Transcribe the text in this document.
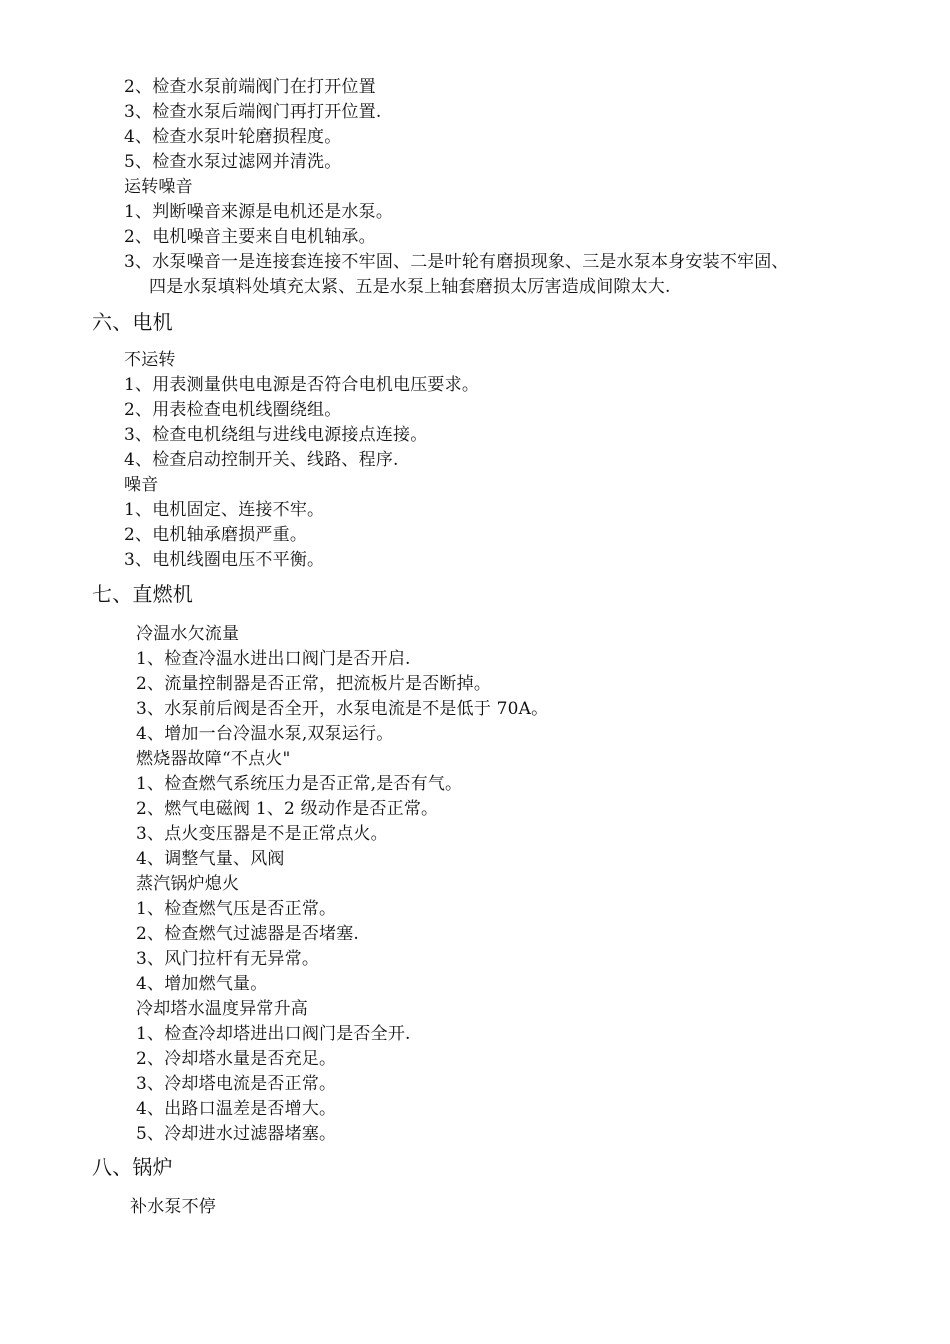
2、检查水泵前端阀门在打开位置
3、检查水泵后端阀门再打开位置.
4、检查水泵叶轮磨损程度。
5、检查水泵过滤网并清洗。
运转噪音
1、判断噪音来源是电机还是水泵。
2、电机噪音主要来自电机轴承。
3、水泵噪音一是连接套连接不牢固、二是叶轮有磨损现象、三是水泵本身安装不牢固、
四是水泵填料处填充太紧、五是水泵上轴套磨损太厉害造成间隙太大.
六、电机
不运转
1、用表测量供电电源是否符合电机电压要求。
2、用表检查电机线圈绕组。
3、检查电机绕组与进线电源接点连接。
4、检查启动控制开关、线路、程序.
噪音
1、电机固定、连接不牢。
2、电机轴承磨损严重。
3、电机线圈电压不平衡。
七、直燃机
冷温水欠流量
1、检查冷温水进出口阀门是否开启.
2、流量控制器是否正常，把流板片是否断掉。
3、水泵前后阀是否全开，水泵电流是不是低于 70A。
4、增加一台冷温水泵,双泵运行。
燃烧器故障“不点火"
1、检查燃气系统压力是否正常,是否有气。
2、燃气电磁阀 1、2 级动作是否正常。
3、点火变压器是不是正常点火。
4、调整气量、风阀
蒸汽锅炉熄火
1、检查燃气压是否正常。
2、检查燃气过滤器是否堵塞.
3、风门拉杆有无异常。
4、增加燃气量。
冷却塔水温度异常升高
1、检查冷却塔进出口阀门是否全开.
2、冷却塔水量是否充足。
3、冷却塔电流是否正常。
4、出路口温差是否增大。
5、冷却进水过滤器堵塞。
八、锅炉
补水泵不停
